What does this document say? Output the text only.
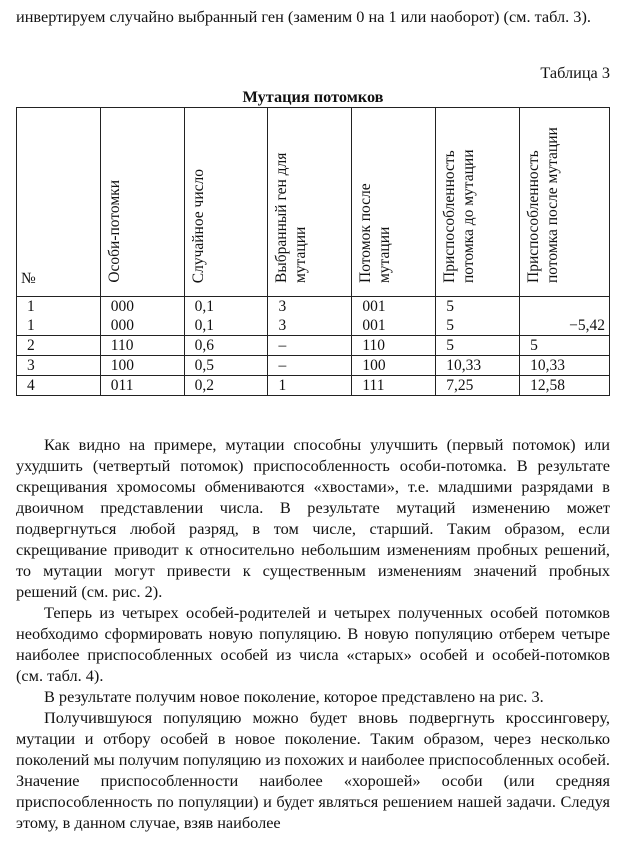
инвертируем случайно выбранный ген (заменим 0 на 1 или наоборот) (см. табл. 3).

Таблица 3
Мутация потомков
№	Особи-потомки	Случайное число	Выбранный ген для мутации	Потомок после мутации	Приспособленность потомка до мутации	Приспособленность потомка после мутации
1	000	0,1	3	001	5	
1	000	0,1	3	001	5	−5,42
2	110	0,6	–	110	5	5
3	100	0,5	–	100	10,33	10,33
4	011	0,2	1	111	7,25	12,58

Как видно на примере, мутации способны улучшить (первый потомок) или ухудшить (четвертый потомок) приспособленность особи-потомка. В результате скрещивания хромосомы обмениваются «хвостами», т.е. младшими разрядами в двоичном представлении числа. В результате мутаций изменению может подвергнуться любой разряд, в том числе, старший. Таким образом, если скрещивание приводит к относительно небольшим изменениям пробных решений, то мутации могут привести к существенным изменениям значений пробных решений (см. рис. 2).

Теперь из четырех особей-родителей и четырех полученных особей потомков необходимо сформировать новую популяцию. В новую популяцию отберем четыре наиболее приспособленных особей из числа «старых» особей и особей-потомков (см. табл. 4).

В результате получим новое поколение, которое представлено на рис. 3.

Получившуюся популяцию можно будет вновь подвергнуть кроссинговеру, мутации и отбору особей в новое поколение. Таким образом, через несколько поколений мы получим популяцию из похожих и наиболее приспособленных особей. Значение приспособленности наиболее «хорошей» особи (или средняя приспособленность по популяции) и будет являться решением нашей задачи. Следуя этому, в данном случае, взяв наиболее
